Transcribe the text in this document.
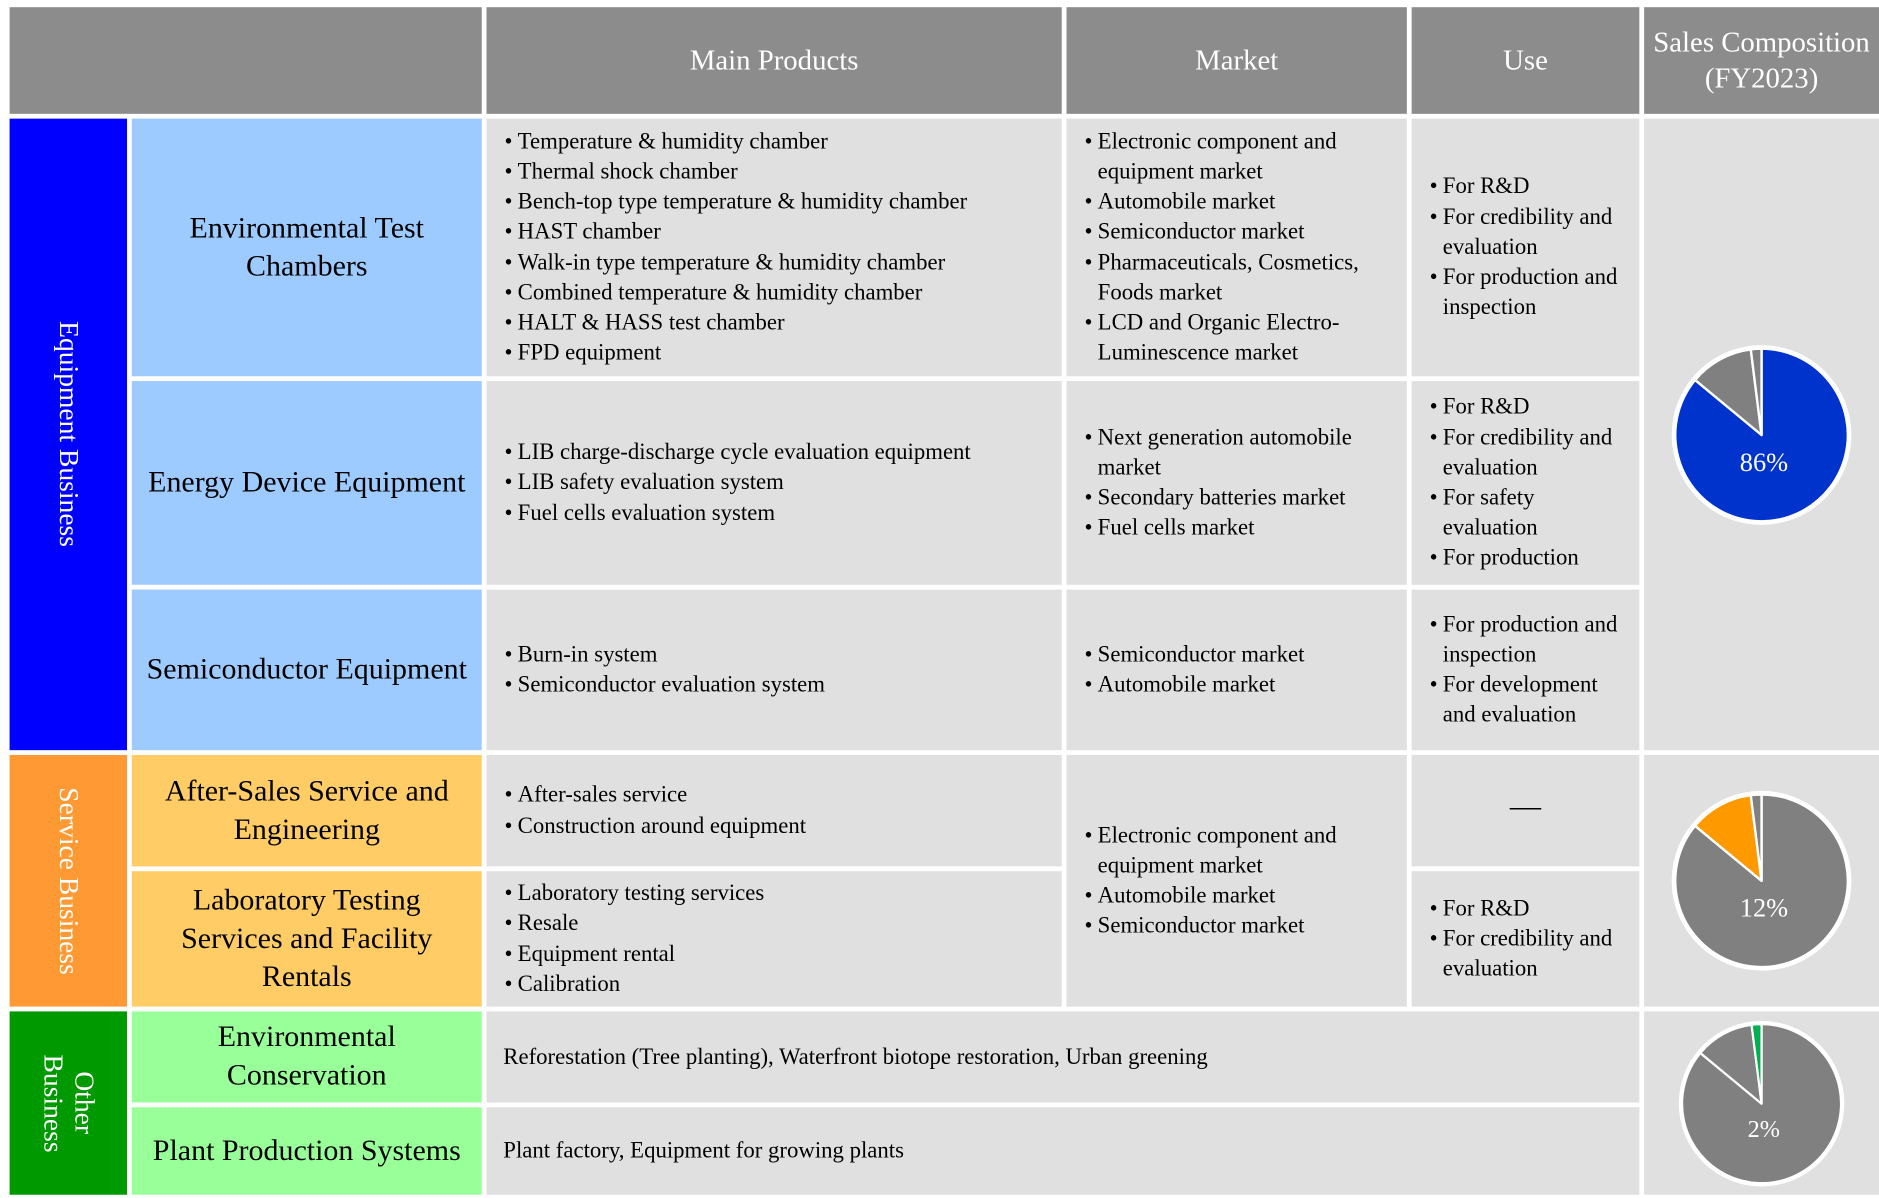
Main Products	Market	Use
Sales Composition
(FY2023)
Equipment Business
Service Business
Other
Business
Environmental Test Chambers
Energy Device Equipment
Semiconductor Equipment
After-Sales Service and Engineering
Laboratory Testing Services and Facility Rentals
Environmental Conservation
Plant Production Systems
• Temperature & humidity chamber
• Thermal shock chamber
• Bench-top type temperature & humidity chamber
• HAST chamber
• Walk-in type temperature & humidity chamber
• Combined temperature & humidity chamber
• HALT & HASS test chamber
• FPD equipment
• LIB charge-discharge cycle evaluation equipment
• LIB safety evaluation system
• Fuel cells evaluation system
• Burn-in system
• Semiconductor evaluation system
• After-sales service
• Construction around equipment
• Laboratory testing services
• Resale
• Equipment rental
• Calibration
• Electronic component and equipment market
• Automobile market
• Semiconductor market
• Pharmaceuticals, Cosmetics, Foods market
• LCD and Organic Electro-Luminescence market
• Next generation automobile market
• Secondary batteries market
• Fuel cells market
• Semiconductor market
• Automobile market
• Electronic component and equipment market
• Automobile market
• Semiconductor market
• For R&D
• For credibility and evaluation
• For production and inspection
• For R&D
• For credibility and evaluation
• For safety evaluation
• For production
• For production and inspection
• For development and evaluation
—
• For R&D
• For credibility and evaluation
Reforestation (Tree planting), Waterfront biotope restoration, Urban greening
Plant factory, Equipment for growing plants
86%
12%
2%
